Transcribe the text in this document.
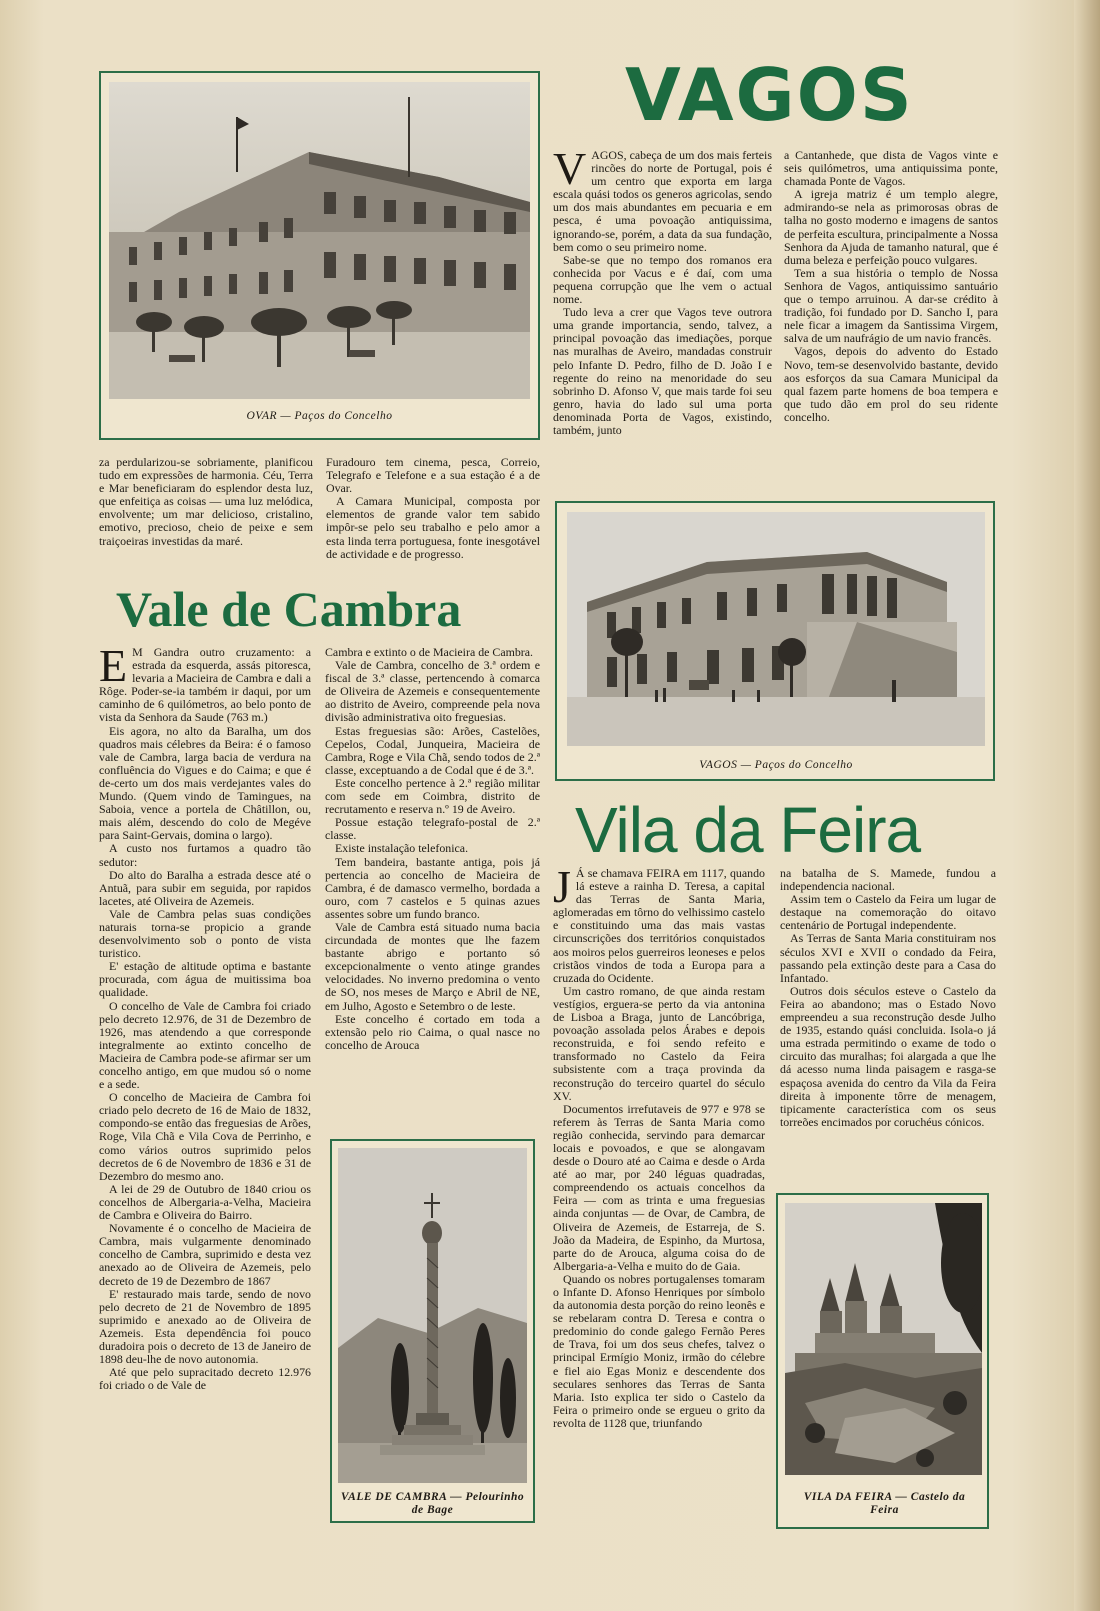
OVAR — Paços do Concelho

za perdularizou-se sobriamente, planificou tudo em expressões de harmonia. Céu, Terra e Mar beneficiaram do esplendor desta luz, que enfeitiça as coisas — uma luz melódica, envolvente; um mar delicioso, cristalino, emotivo, precioso, cheio de peixe e sem traiçoeiras investidas da maré.

Furadouro tem cinema, pesca, Correio, Telegrafo e Telefone e a sua estação é a de Ovar.

A Camara Municipal, composta por elementos de grande valor tem sabido impôr-se pelo seu trabalho e pelo amor a esta linda terra portuguesa, fonte inesgotável de actividade e de progresso.

VAGOS

VAGOS, cabeça de um dos mais ferteis rincões do norte de Portugal, pois é um centro que exporta em larga escala quási todos os generos agricolas, sendo um dos mais abundantes em pecuaria e em pesca, é uma povoação antiquissima, ignorando-se, porém, a data da sua fundação, bem como o seu primeiro nome.

Sabe-se que no tempo dos romanos era conhecida por Vacus e é daí, com uma pequena corrupção que lhe vem o actual nome.

Tudo leva a crer que Vagos teve outrora uma grande importancia, sendo, talvez, a principal povoação das imediações, porque nas muralhas de Aveiro, mandadas construir pelo Infante D. Pedro, filho de D. João I e regente do reino na menoridade do seu sobrinho D. Afonso V, que mais tarde foi seu genro, havia do lado sul uma porta denominada Porta de Vagos, existindo, também, junto

a Cantanhede, que dista de Vagos vinte e seis quilómetros, uma antiquissima ponte, chamada Ponte de Vagos.

A igreja matriz é um templo alegre, admirando-se nela as primorosas obras de talha no gosto moderno e imagens de santos de perfeita escultura, principalmente a Nossa Senhora da Ajuda de tamanho natural, que é duma beleza e perfeição pouco vulgares.

Tem a sua história o templo de Nossa Senhora de Vagos, antiquissimo santuário que o tempo arruinou. A dar-se crédito à tradição, foi fundado por D. Sancho I, para nele ficar a imagem da Santissima Virgem, salva de um naufrágio de um navio francês.

Vagos, depois do advento do Estado Novo, tem-se desenvolvido bastante, devido aos esforços da sua Camara Municipal da qual fazem parte homens de boa tempera e que tudo dão em prol do seu ridente concelho.

VAGOS — Paços do Concelho
Vale de Cambra

E M Gandra outro cruzamento: a estrada da esquerda, assás pitoresca, levaria a Macieira de Cambra e dali a Rôge. Poder-se-ia também ir daqui, por um caminho de 6 quilómetros, ao belo ponto de vista da Senhora da Saude (763 m.)

Eis agora, no alto da Baralha, um dos quadros mais célebres da Beira: é o famoso vale de Cambra, larga bacia de verdura na confluência do Vigues e do Caima; e que é de-certo um dos mais verdejantes vales do Mundo. (Quem vindo de Tamingues, na Saboia, vence a portela de Châtillon, ou, mais além, descendo do colo de Megéve para Saint-Gervais, domina o largo).

A custo nos furtamos a quadro tão sedutor:

Do alto do Baralha a estrada desce até o Antuã, para subir em seguida, por rapidos lacetes, até Oliveira de Azemeis.

Vale de Cambra pelas suas condições naturais torna-se propicio a grande desenvolvimento sob o ponto de vista turistico.

E' estação de altitude optima e bastante procurada, com água de muitissima boa qualidade.

O concelho de Vale de Cambra foi criado pelo decreto 12.976, de 31 de Dezembro de 1926, mas atendendo a que corresponde integralmente ao extinto concelho de Macieira de Cambra pode-se afirmar ser um concelho antigo, em que mudou só o nome e a sede.

O concelho de Macieira de Cambra foi criado pelo decreto de 16 de Maio de 1832, compondo-se então das freguesias de Arões, Roge, Vila Chã e Vila Cova de Perrinho, e como vários outros suprimido pelos decretos de 6 de Novembro de 1836 e 31 de Dezembro do mesmo ano.

A lei de 29 de Outubro de 1840 criou os concelhos de Albergaria-a-Velha, Macieira de Cambra e Oliveira do Bairro.

Novamente é o concelho de Macieira de Cambra, mais vulgarmente denominado concelho de Cambra, suprimido e desta vez anexado ao de Oliveira de Azemeis, pelo decreto de 19 de Dezembro de 1867

E' restaurado mais tarde, sendo de novo pelo decreto de 21 de Novembro de 1895 suprimido e anexado ao de Oliveira de Azemeis. Esta dependência foi pouco duradoira pois o decreto de 13 de Janeiro de 1898 deu-lhe de novo autonomia.

Até que pelo supracitado decreto 12.976 foi criado o de Vale de

Cambra e extinto o de Macieira de Cambra.

Vale de Cambra, concelho de 3.ª ordem e fiscal de 3.ª classe, pertencendo à comarca de Oliveira de Azemeis e consequentemente ao distrito de Aveiro, compreende pela nova divisão administrativa oito freguesias.

Estas freguesias são: Arões, Castelões, Cepelos, Codal, Junqueira, Macieira de Cambra, Roge e Vila Chã, sendo todos de 2.ª classe, exceptuando a de Codal que é de 3.ª.

Este concelho pertence à 2.ª região militar com sede em Coimbra, distrito de recrutamento e reserva n.º 19 de Aveiro.

Possue estação telegrafo-postal de 2.ª classe.

Existe instalação telefonica.

Tem bandeira, bastante antiga, pois já pertencia ao concelho de Macieira de Cambra, é de damasco vermelho, bordada a ouro, com 7 castelos e 5 quinas azues assentes sobre um fundo branco.

Vale de Cambra está situado numa bacia circundada de montes que lhe fazem bastante abrigo e portanto só excepcionalmente o vento atinge grandes velocidades. No inverno predomina o vento de SO, nos meses de Março e Abril de NE, em Julho, Agosto e Setembro o de leste.

Este concelho é cortado em toda a extensão pelo rio Caima, o qual nasce no concelho de Arouca

VALE DE CAMBRA — Pelourinho de Bage
Vila da Feira

J Á se chamava FEIRA em 1117, quando lá esteve a rainha D. Teresa, a capital das Terras de Santa Maria, aglomeradas em tôrno do velhissimo castelo e constituindo uma das mais vastas circunscrições dos territórios conquistados aos moiros pelos guerreiros leoneses e pelos cristãos vindos de toda a Europa para a cruzada do Ocidente.

Um castro romano, de que ainda restam vestígios, erguera-se perto da via antonina de Lisboa a Braga, junto de Lancóbriga, povoação assolada pelos Árabes e depois reconstruida, e foi sendo refeito e transformado no Castelo da Feira subsistente com a traça provinda da reconstrução do terceiro quartel do século XV.

Documentos irrefutaveis de 977 e 978 se referem às Terras de Santa Maria como região conhecida, servindo para demarcar locais e povoados, e que se alongavam desde o Douro até ao Caima e desde o Arda até ao mar, por 240 léguas quadradas, compreendendo os actuais concelhos da Feira — com as trinta e uma freguesias ainda conjuntas — de Ovar, de Cambra, de Oliveira de Azemeis, de Estarreja, de S. João da Madeira, de Espinho, da Murtosa, parte do de Arouca, alguma coisa do de Albergaria-a-Velha e muito do de Gaia.

Quando os nobres portugalenses tomaram o Infante D. Afonso Henriques por símbolo da autonomia desta porção do reino leonês e se rebelaram contra D. Teresa e contra o predominio do conde galego Fernão Peres de Trava, foi um dos seus chefes, talvez o principal Ermígio Moniz, irmão do célebre e fiel aio Egas Moniz e descendente dos seculares senhores das Terras de Santa Maria. Isto explica ter sido o Castelo da Feira o primeiro onde se ergueu o grito da revolta de 1128 que, triunfando

na batalha de S. Mamede, fundou a independencia nacional.

Assim tem o Castelo da Feira um lugar de destaque na comemoração do oitavo centenário de Portugal independente.

As Terras de Santa Maria constituiram nos séculos XVI e XVII o condado da Feira, passando pela extinção deste para a Casa do Infantado.

Outros dois séculos esteve o Castelo da Feira ao abandono; mas o Estado Novo empreendeu a sua reconstrução desde Julho de 1935, estando quási concluida. Isola-o já uma estrada permitindo o exame de todo o circuito das muralhas; foi alargada a que lhe dá acesso numa linda paisagem e rasga-se espaçosa avenida do centro da Vila da Feira direita à imponente tôrre de menagem, tipicamente característica com os seus torreões encimados por coruchéus cónicos.

VILA DA FEIRA — Castelo da Feira
